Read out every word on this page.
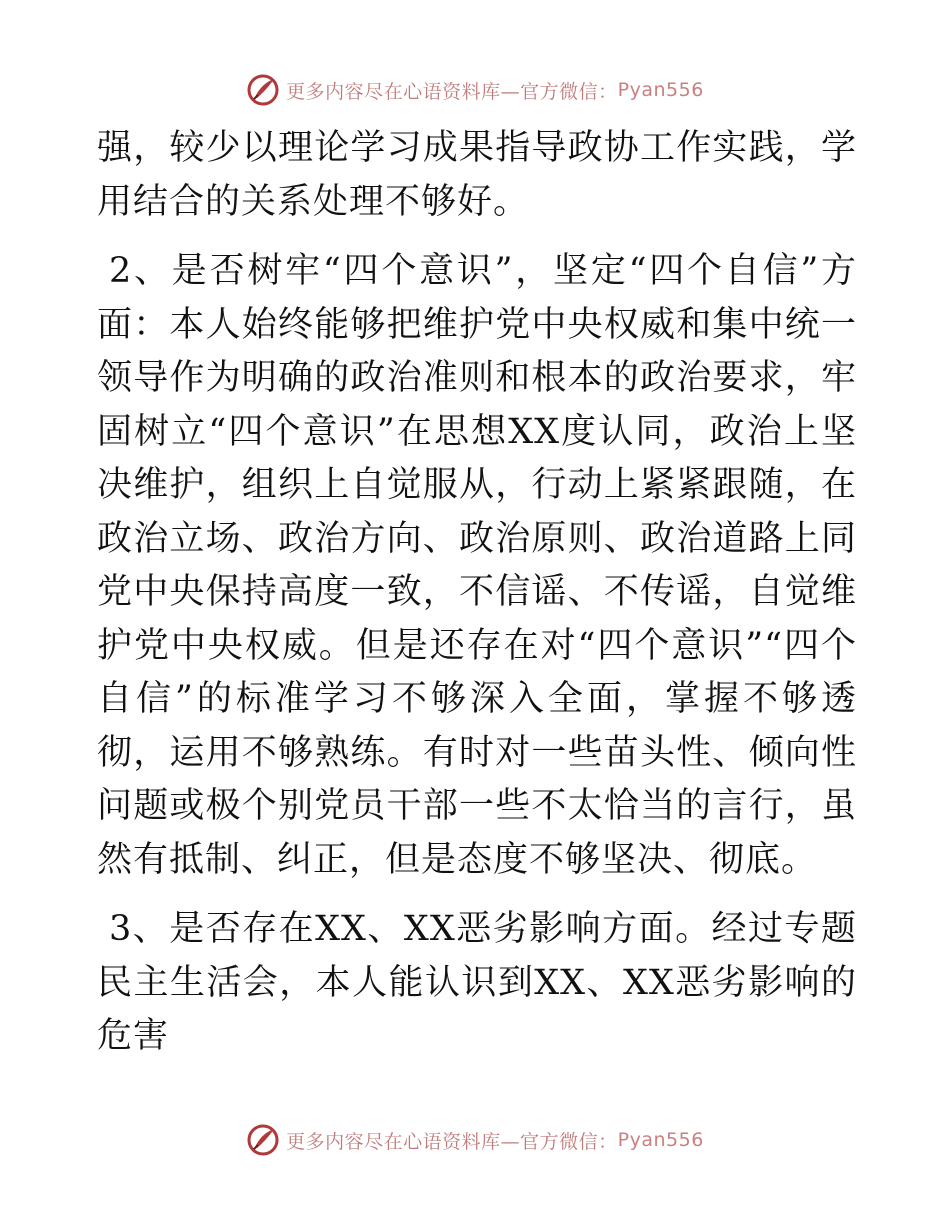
更多内容尽在心语资料库—官方微信： Pyan556

强，较少以理论学习成果指导政协工作实践，学用结合的关系处理不够好。

2、是否树牢“四个意识”，坚定“四个自信”方面：本人始终能够把维护党中央权威和集中统一领导作为明确的政治准则和根本的政治要求，牢固树立“四个意识”在思想XX度认同，政治上坚决维护，组织上自觉服从，行动上紧紧跟随，在政治立场、政治方向、政治原则、政治道路上同党中央保持高度一致，不信谣、不传谣，自觉维护党中央权威。但是还存在对“四个意识”“四个自信”的标准学习不够深入全面，掌握不够透彻，运用不够熟练。有时对一些苗头性、倾向性问题或极个别党员干部一些不太恰当的言行，虽然有抵制、纠正，但是态度不够坚决、彻底。

3、是否存在XX、XX恶劣影响方面。经过专题民主生活会，本人能认识到XX、XX恶劣影响的危害

更多内容尽在心语资料库—官方微信： Pyan556
